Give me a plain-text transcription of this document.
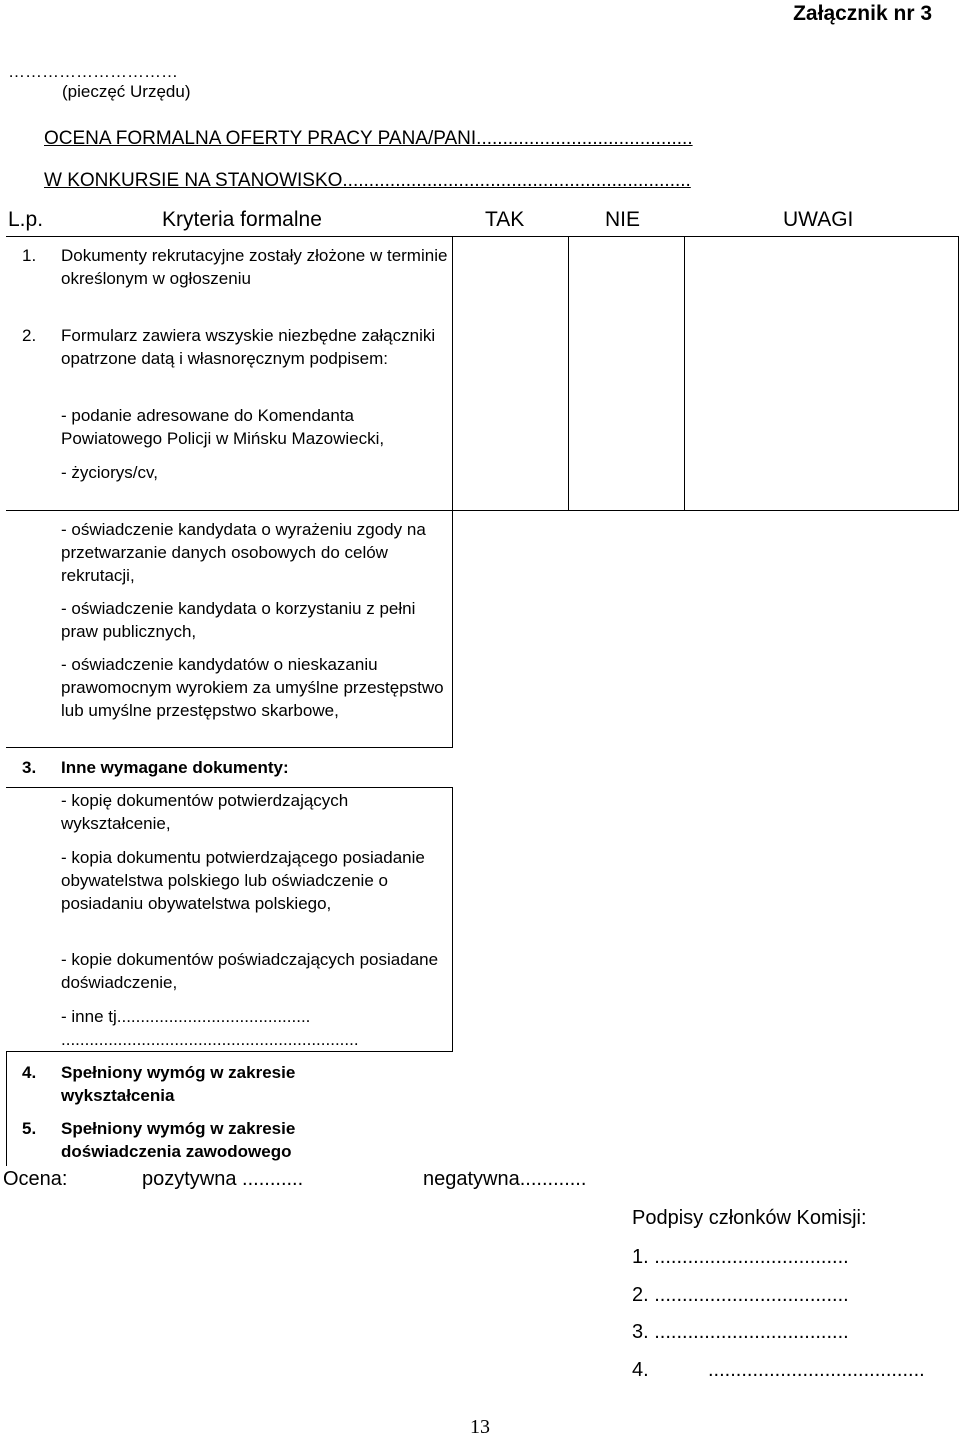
Załącznik nr 3
…………………………
(pieczęć Urzędu)
OCENA FORMALNA OFERTY PRACY PANA/PANI.........................................
W KONKURSIE NA STANOWISKO..................................................................
L.p.	Kryteria formalne	TAK	NIE	UWAGI
1. Dokumenty rekrutacyjne zostały złożone w terminie określonym w ogłoszeniu
2. Formularz zawiera wszyskie niezbędne załączniki opatrzone datą i własnoręcznym podpisem:
- podanie adresowane do Komendanta Powiatowego Policji w Mińsku Mazowiecki,
- życiorys/cv,
- oświadczenie kandydata o wyrażeniu zgody na przetwarzanie danych osobowych do celów rekrutacji,
- oświadczenie kandydata o korzystaniu z pełni praw publicznych,
- oświadczenie kandydatów o nieskazaniu prawomocnym wyrokiem za umyślne przestępstwo lub umyślne przestępstwo skarbowe,
3. Inne wymagane dokumenty:
- kopię dokumentów potwierdzających wykształcenie,
- kopia dokumentu potwierdzającego posiadanie obywatelstwa polskiego lub oświadczenie o posiadaniu obywatelstwa polskiego,
- kopie dokumentów poświadczających posiadane doświadczenie,
- inne tj.........................................
...............................................................
4. Spełniony wymóg w zakresie wykształcenia
5. Spełniony wymóg w zakresie doświadczenia zawodowego
Ocena:	pozytywna ...........	negatywna............
Podpisy członków Komisji:
1. ...................................
2. ...................................
3. ...................................
4.	.......................................
13
